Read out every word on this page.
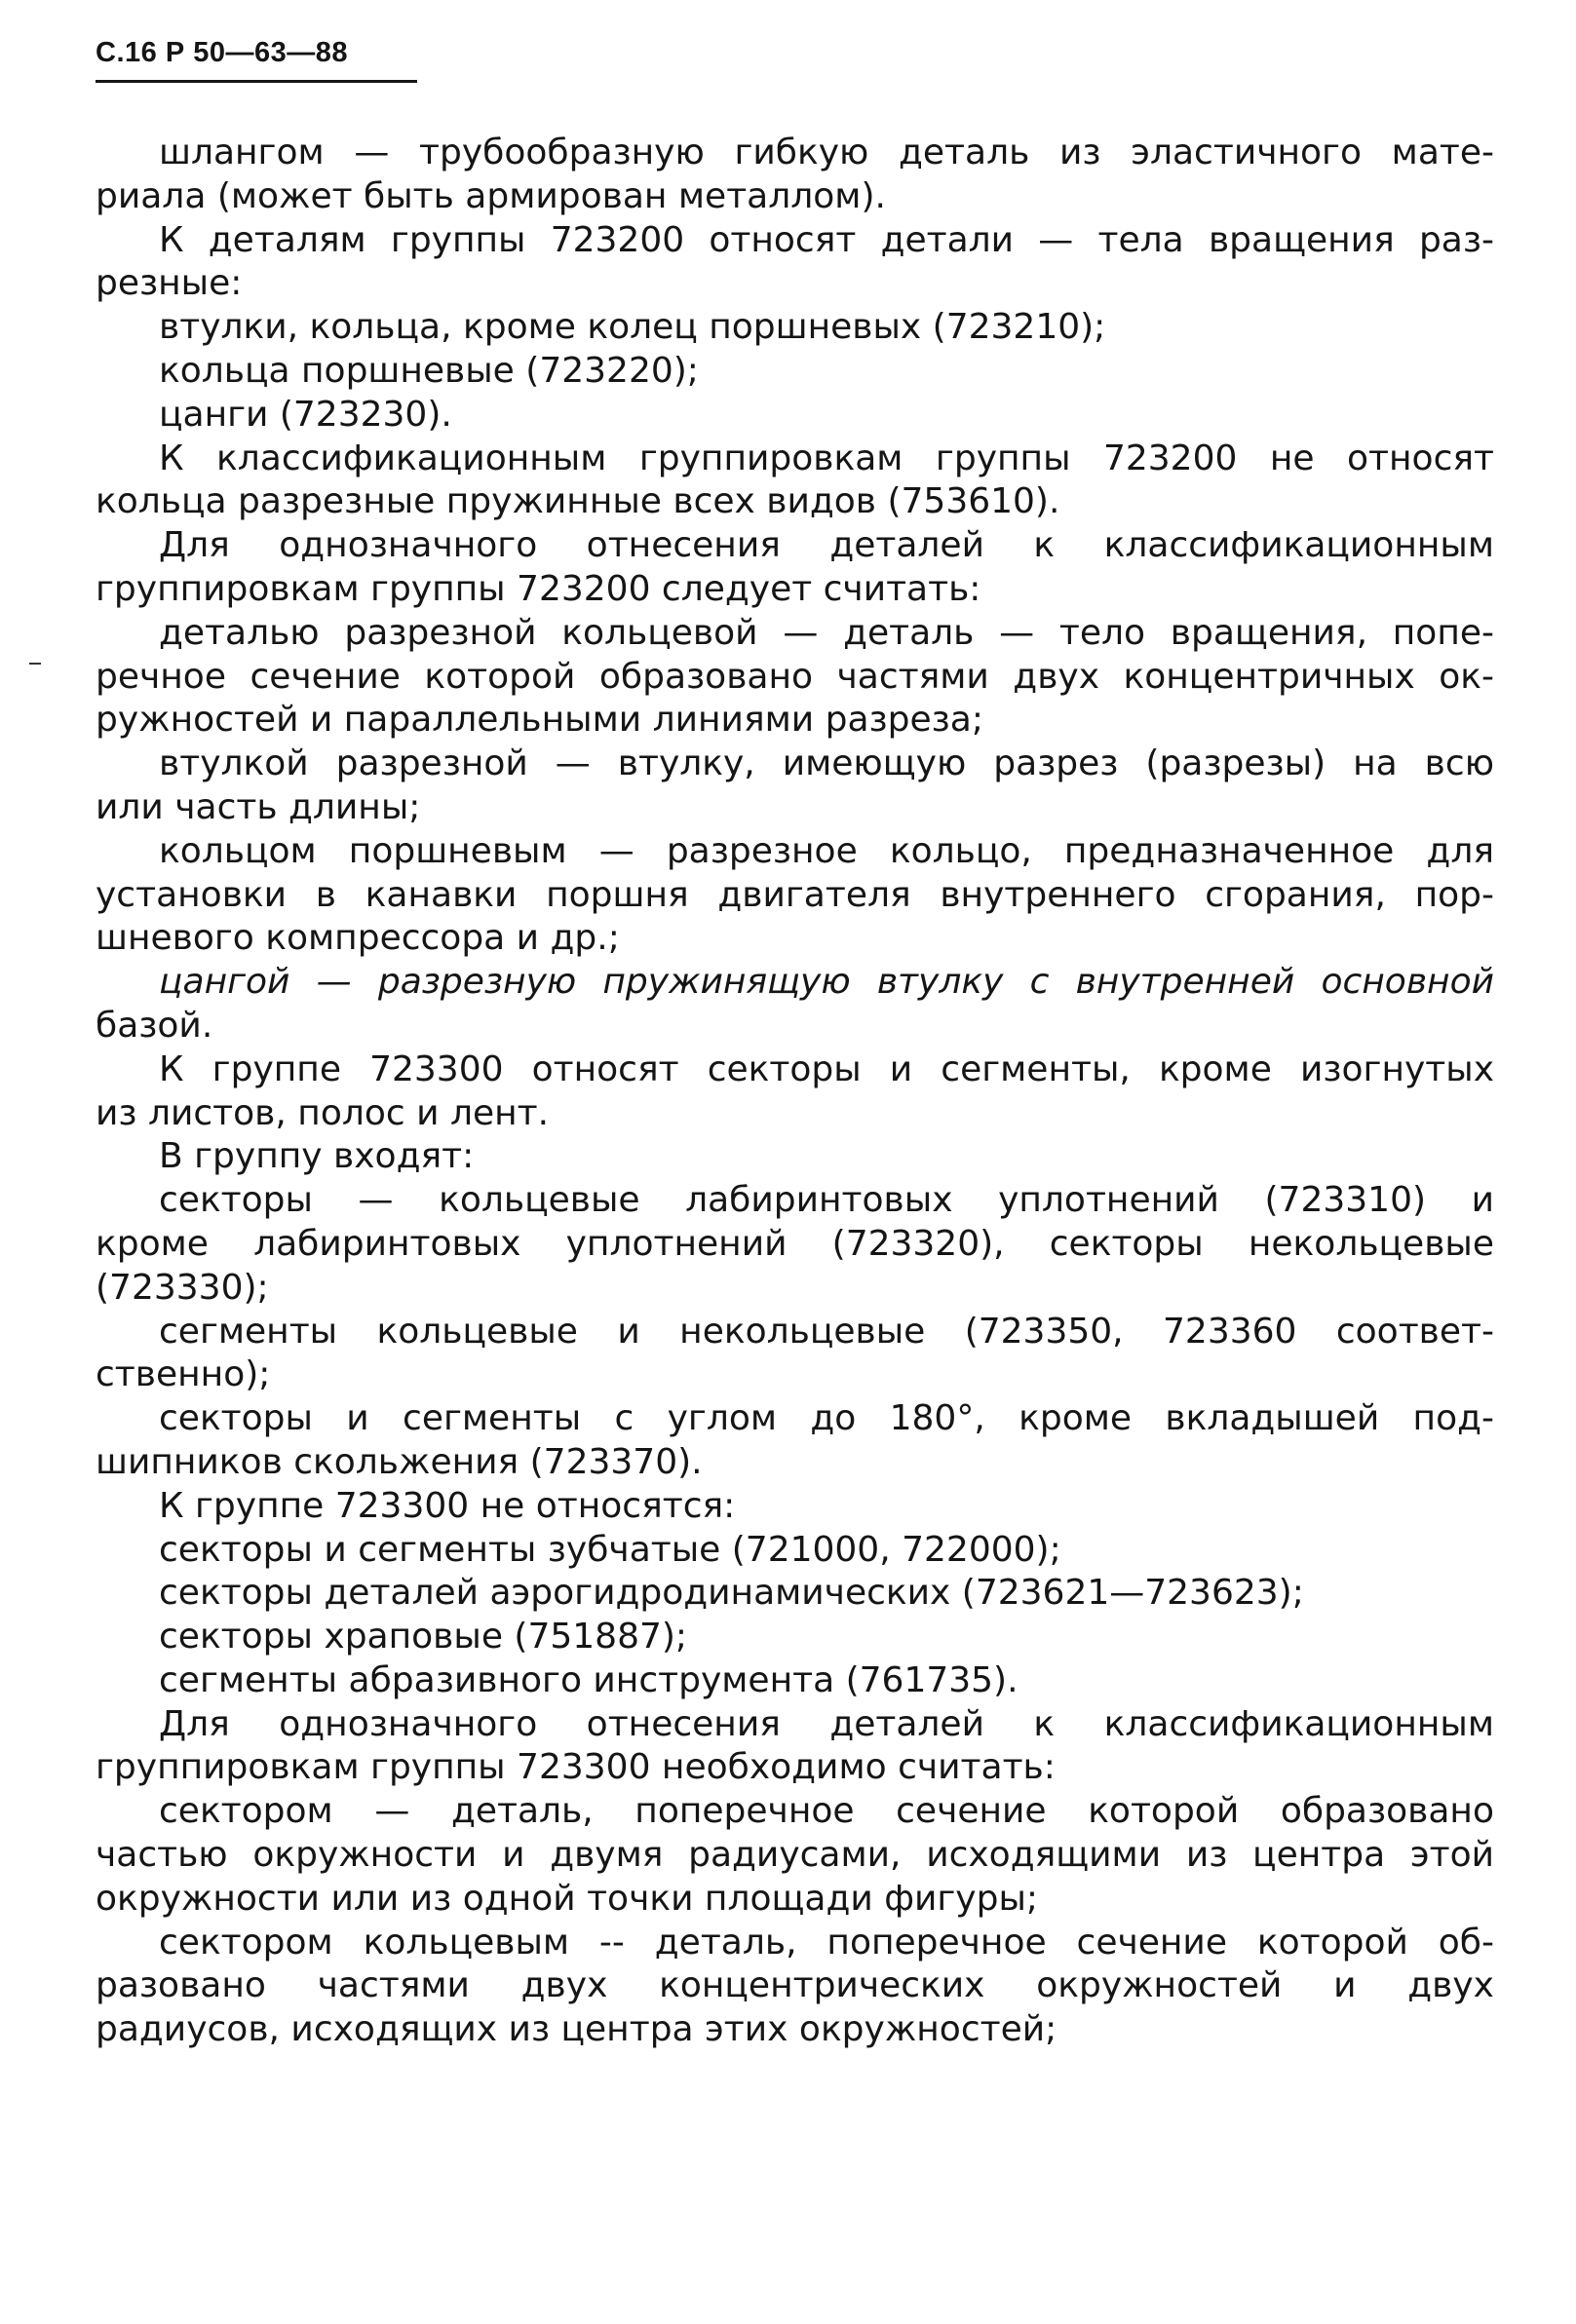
С.16 Р 50—63—88
шлангом — трубообразную гибкую деталь из эластичного мате-
риала (может быть армирован металлом).
К деталям группы 723200 относят детали — тела вращения раз-
резные:
втулки, кольца, кроме колец поршневых (723210);
кольца поршневые (723220);
цанги (723230).
К классификационным группировкам группы 723200 не относят
кольца разрезные пружинные всех видов (753610).
Для однозначного отнесения деталей к классификационным
группировкам группы 723200 следует считать:
деталью разрезной кольцевой — деталь — тело вращения, попе-
речное сечение которой образовано частями двух концентричных ок-
ружностей и параллельными линиями разреза;
втулкой разрезной — втулку, имеющую разрез (разрезы) на всю
или часть длины;
кольцом поршневым — разрезное кольцо, предназначенное для
установки в канавки поршня двигателя внутреннего сгорания, пор-
шневого компрессора и др.;
цангой — разрезную пружинящую втулку с внутренней основной
базой.
К группе 723300 относят секторы и сегменты, кроме изогнутых
из листов, полос и лент.
В группу входят:
секторы — кольцевые лабиринтовых уплотнений (723310) и
кроме лабиринтовых уплотнений (723320), секторы некольцевые
(723330);
сегменты кольцевые и некольцевые (723350, 723360 соответ-
ственно);
секторы и сегменты с углом до 180°, кроме вкладышей под-
шипников скольжения (723370).
К группе 723300 не относятся:
секторы и сегменты зубчатые (721000, 722000);
секторы деталей аэрогидродинамических (723621—723623);
секторы храповые (751887);
сегменты абразивного инструмента (761735).
Для однозначного отнесения деталей к классификационным
группировкам группы 723300 необходимо считать:
сектором — деталь, поперечное сечение которой образовано
частью окружности и двумя радиусами, исходящими из центра этой
окружности или из одной точки площади фигуры;
сектором кольцевым -- деталь, поперечное сечение которой об-
разовано частями двух концентрических окружностей и двух
радиусов, исходящих из центра этих окружностей;
